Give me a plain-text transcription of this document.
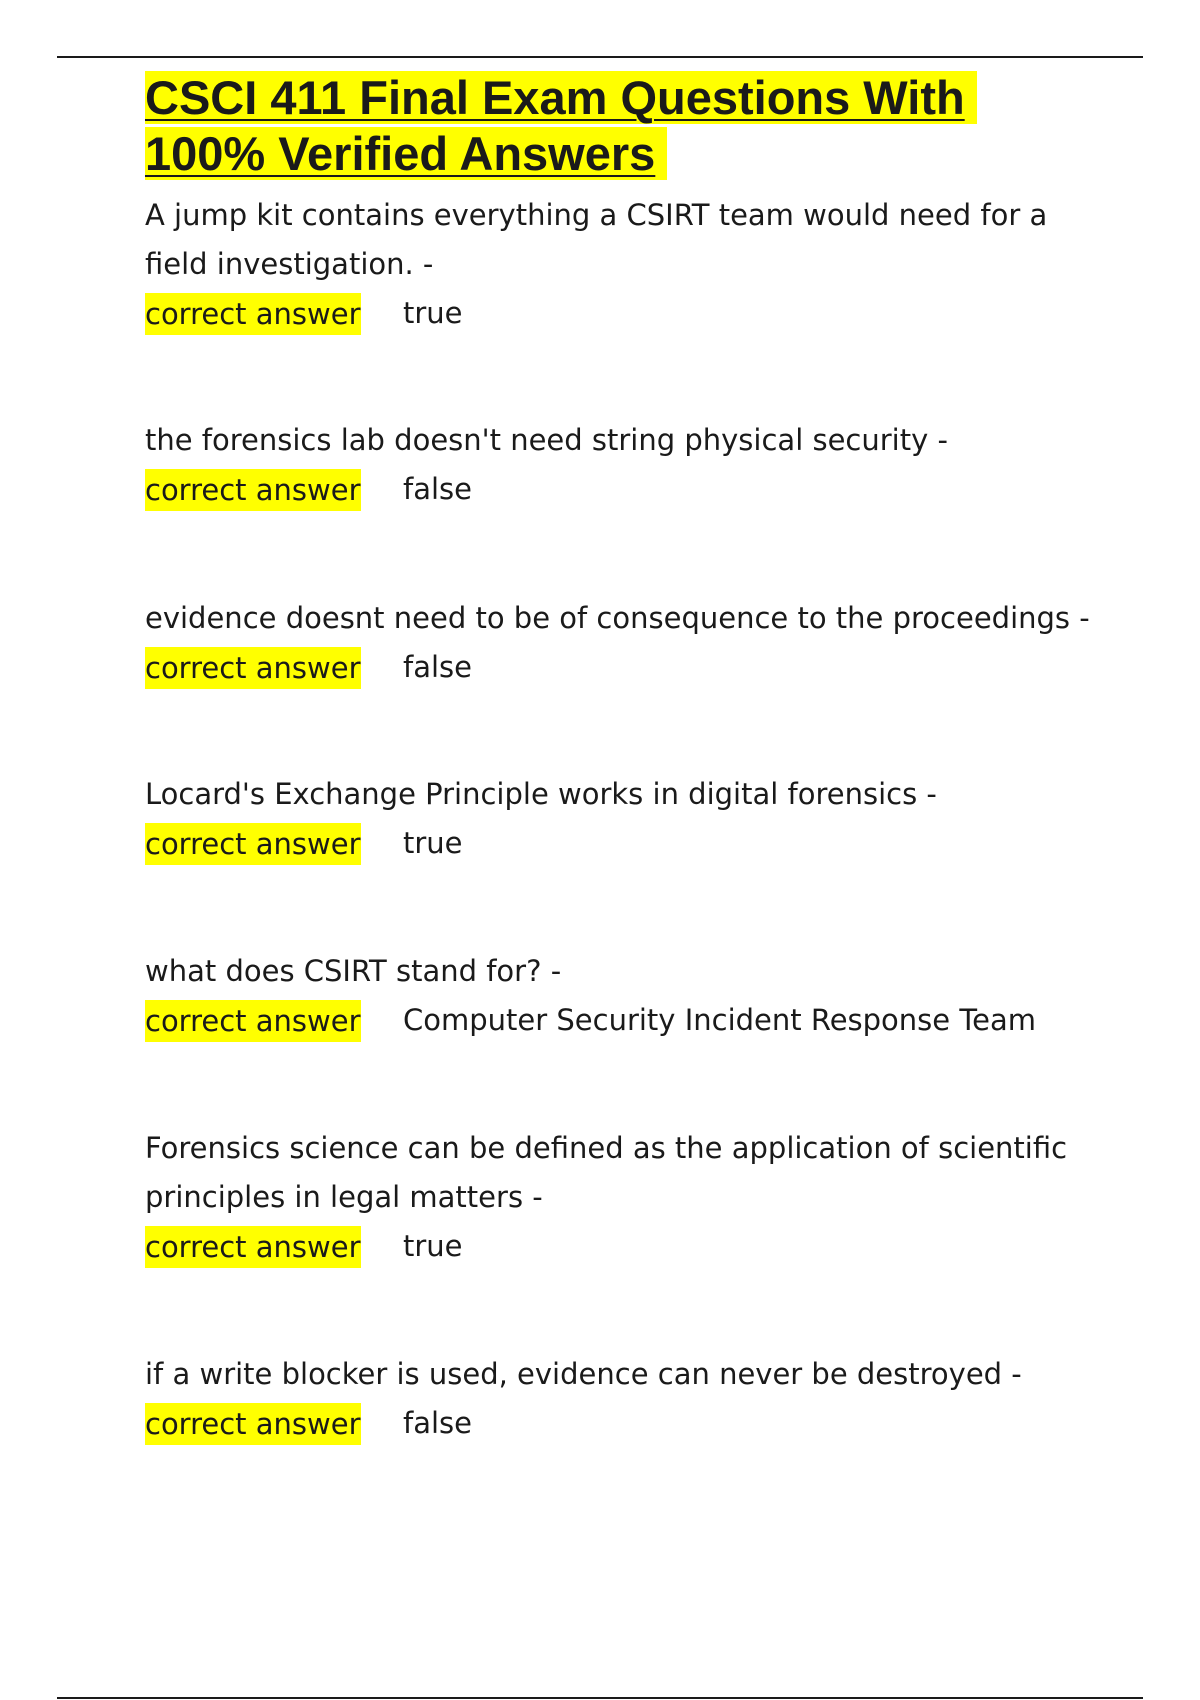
CSCI 411 Final Exam Questions With
100% Verified Answers

A jump kit contains everything a CSIRT team would need for a field investigation. -

correct answer true

the forensics lab doesn't need string physical security -

correct answer false

evidence doesnt need to be of consequence to the proceedings -

correct answer false

Locard's Exchange Principle works in digital forensics -

correct answer true

what does CSIRT stand for? -

correct answer Computer Security Incident Response Team

Forensics science can be defined as the application of scientific principles in legal matters -

correct answer true

if a write blocker is used, evidence can never be destroyed -

correct answer false
